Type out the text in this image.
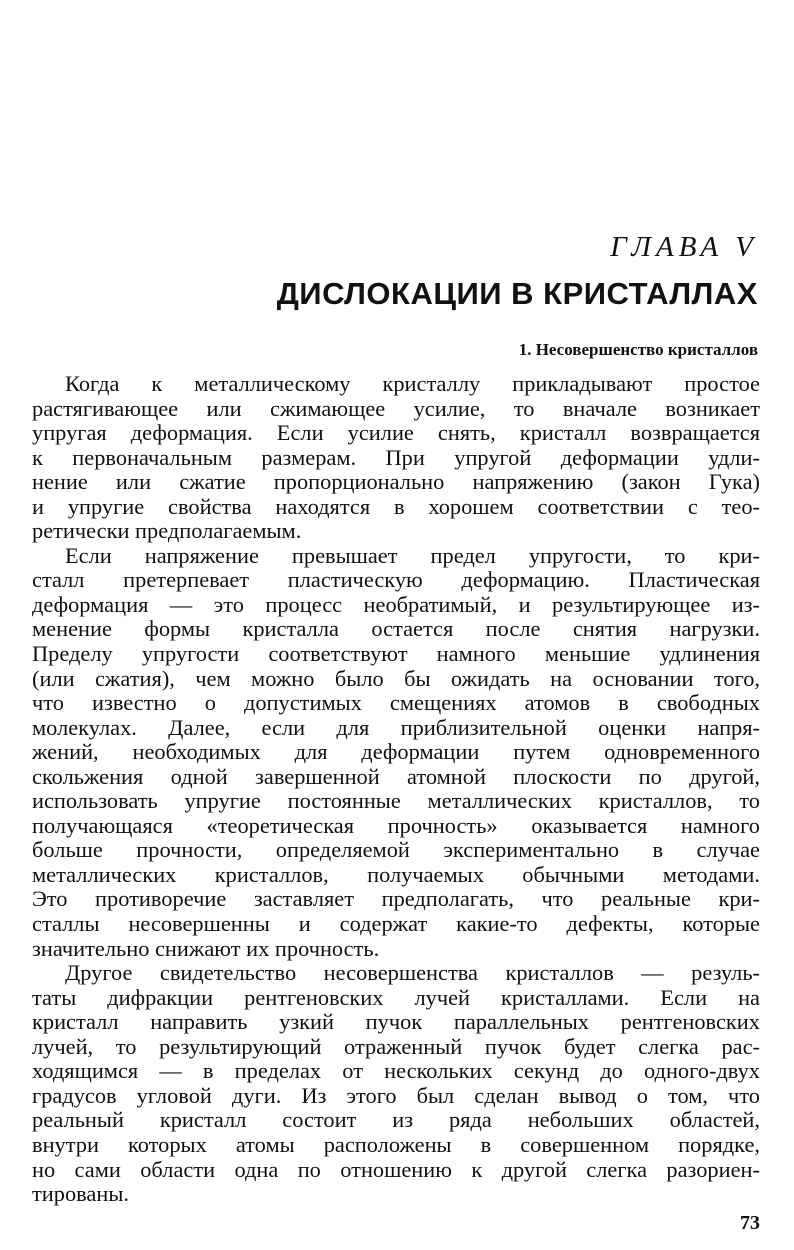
ГЛАВА V
ДИСЛОКАЦИИ В КРИСТАЛЛАХ
1. Несовершенство кристаллов
Когда к металлическому кристаллу прикладывают простое
растягивающее или сжимающее усилие, то вначале возникает
упругая деформация. Если усилие снять, кристалл возвращается
к первоначальным размерам. При упругой деформации удли-
нение или сжатие пропорционально напряжению (закон Гука)
и упругие свойства находятся в хорошем соответствии с тео-
ретически предполагаемым.
Если напряжение превышает предел упругости, то кри-
сталл претерпевает пластическую деформацию. Пластическая
деформация — это процесс необратимый, и результирующее из-
менение формы кристалла остается после снятия нагрузки.
Пределу упругости соответствуют намного меньшие удлинения
(или сжатия), чем можно было бы ожидать на основании того,
что известно о допустимых смещениях атомов в свободных
молекулах. Далее, если для приблизительной оценки напря-
жений, необходимых для деформации путем одновременного
скольжения одной завершенной атомной плоскости по другой,
использовать упругие постоянные металлических кристаллов, то
получающаяся «теоретическая прочность» оказывается намного
больше прочности, определяемой экспериментально в случае
металлических кристаллов, получаемых обычными методами.
Это противоречие заставляет предполагать, что реальные кри-
сталлы несовершенны и содержат какие-то дефекты, которые
значительно снижают их прочность.
Другое свидетельство несовершенства кристаллов — резуль-
таты дифракции рентгеновских лучей кристаллами. Если на
кристалл направить узкий пучок параллельных рентгеновских
лучей, то результирующий отраженный пучок будет слегка рас-
ходящимся — в пределах от нескольких секунд до одного-двух
градусов угловой дуги. Из этого был сделан вывод о том, что
реальный кристалл состоит из ряда небольших областей,
внутри которых атомы расположены в совершенном порядке,
но сами области одна по отношению к другой слегка разориен-
тированы.
73
